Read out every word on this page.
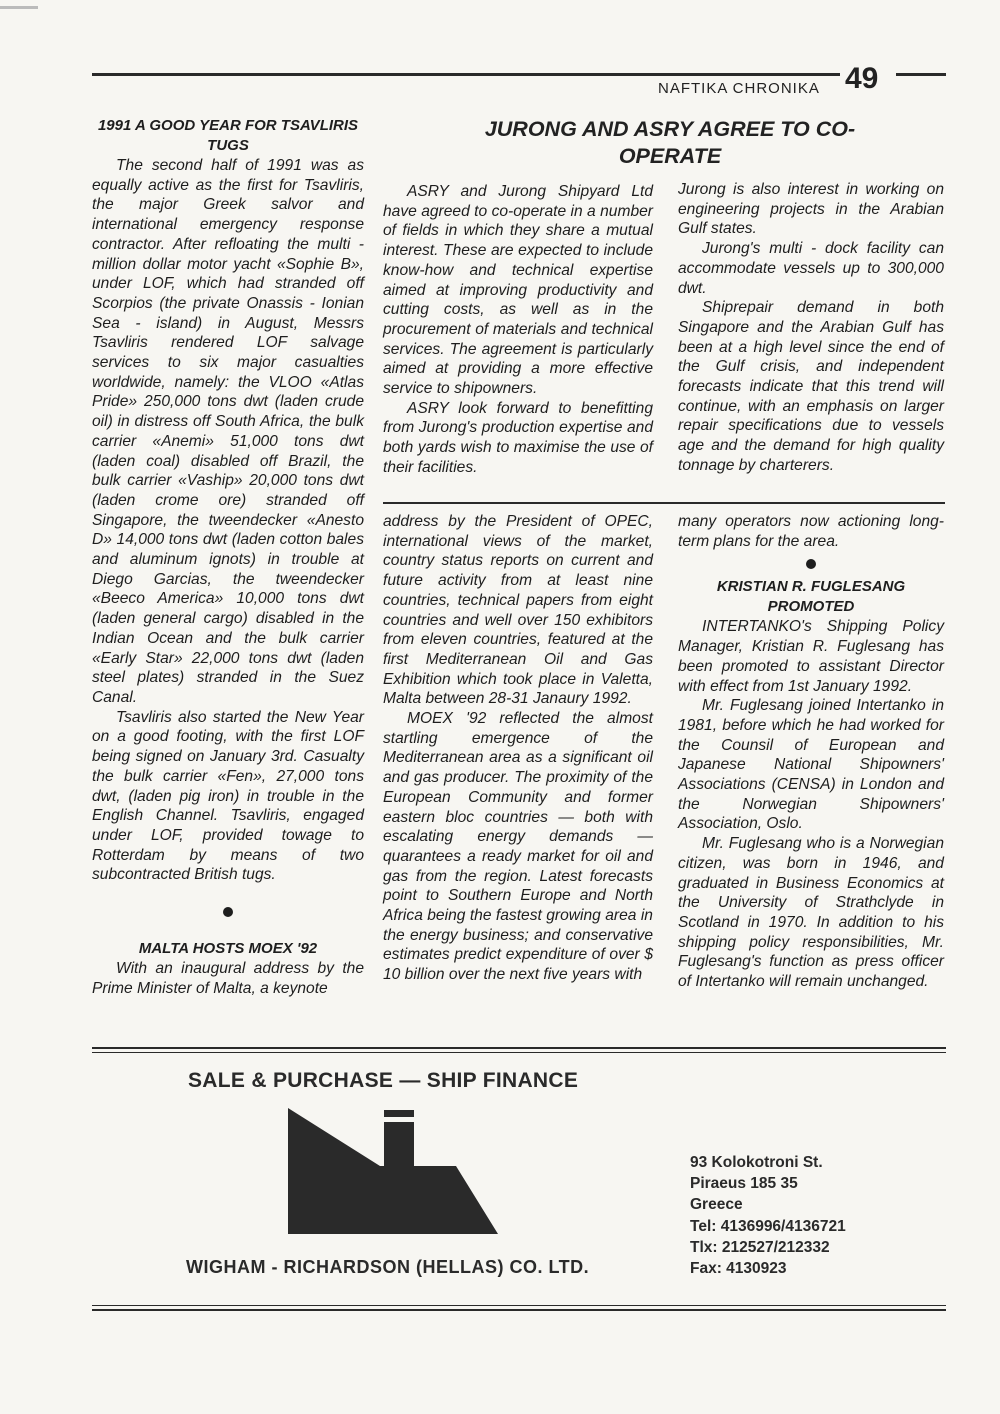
NAFTIKA CHRONIKA 49
1991 A GOOD YEAR FOR TSAVLIRIS TUGS

The second half of 1991 was as equally active as the first for Tsavliris, the major Greek salvor and international emergency response contractor. After refloating the multi - million dollar motor yacht «Sophie B», under LOF, which had stranded off Scorpios (the private Onassis - Ionian Sea - island) in August, Messrs Tsavliris rendered LOF salvage services to six major casualties worldwide, namely: the VLOO «Atlas Pride» 250,000 tons dwt (laden crude oil) in distress off South Africa, the bulk carrier «Anemi» 51,000 tons dwt (laden coal) disabled off Brazil, the bulk carrier «Vaship» 20,000 tons dwt (laden crome ore) stranded off Singapore, the tweendecker «Anesto D» 14,000 tons dwt (laden cotton bales and aluminum ignots) in trouble at Diego Garcias, the tweendecker «Beeco America» 10,000 tons dwt (laden general cargo) disabled in the Indian Ocean and the bulk carrier «Early Star» 22,000 tons dwt (laden steel plates) stranded in the Suez Canal.

Tsavliris also started the New Year on a good footing, with the first LOF being signed on January 3rd. Casualty the bulk carrier «Fen», 27,000 tons dwt, (laden pig iron) in trouble in the English Channel. Tsavliris, engaged under LOF, provided towage to Rotterdam by means of two subcontracted British tugs.

MALTA HOSTS MOEX '92

With an inaugural address by the Prime Minister of Malta, a keynote

JURONG AND ASRY AGREE TO CO-OPERATE

ASRY and Jurong Shipyard Ltd have agreed to co-operate in a number of fields in which they share a mutual interest. These are expected to include know-how and technical expertise aimed at improving productivity and cutting costs, as well as in the procurement of materials and technical services. The agreement is particularly aimed at providing a more effective service to shipowners.

ASRY look forward to benefitting from Jurong's production expertise and both yards wish to maximise the use of their facilities.

Jurong is also interest in working on engineering projects in the Arabian Gulf states.

Jurong's multi - dock facility can accommodate vessels up to 300,000 dwt.

Shiprepair demand in both Singapore and the Arabian Gulf has been at a high level since the end of the Gulf crisis, and independent forecasts indicate that this trend will continue, with an emphasis on larger repair specifications due to vessels age and the demand for high quality tonnage by charterers.

address by the President of OPEC, international views of the market, country status reports on current and future activity from at least nine countries, technical papers from eight countries and well over 150 exhibitors from eleven countries, featured at the first Mediterranean Oil and Gas Exhibition which took place in Valetta, Malta between 28-31 Janaury 1992.

MOEX '92 reflected the almost startling emergence of the Mediterranean area as a significant oil and gas producer. The proximity of the European Community and former eastern bloc countries — both with escalating energy demands — quarantees a ready market for oil and gas from the region. Latest forecasts point to Southern Europe and North Africa being the fastest growing area in the energy business; and conservative estimates predict expenditure of over $ 10 billion over the next five years with

many operators now actioning long- term plans for the area.

KRISTIAN R. FUGLESANG PROMOTED

INTERTANKO's Shipping Policy Manager, Kristian R. Fuglesang has been promoted to assistant Director with effect from 1st January 1992.

Mr. Fuglesang joined Intertanko in 1981, before which he had worked for the Counsil of European and Japanese National Shipowners' Associations (CENSA) in London and the Norwegian Shipowners' Association, Oslo.

Mr. Fuglesang who is a Norwegian citizen, was born in 1946, and graduated in Business Economics at the University of Strathclyde in Scotland in 1970. In addition to his shipping policy responsibilities, Mr. Fuglesang's function as press officer of Intertanko will remain unchanged.

SALE & PURCHASE — SHIP FINANCE
WIGHAM - RICHARDSON (HELLAS) CO. LTD.
93 Kolokotroni St.
Piraeus 185 35
Greece
Tel: 4136996/4136721
Tlx: 212527/212332
Fax: 4130923
